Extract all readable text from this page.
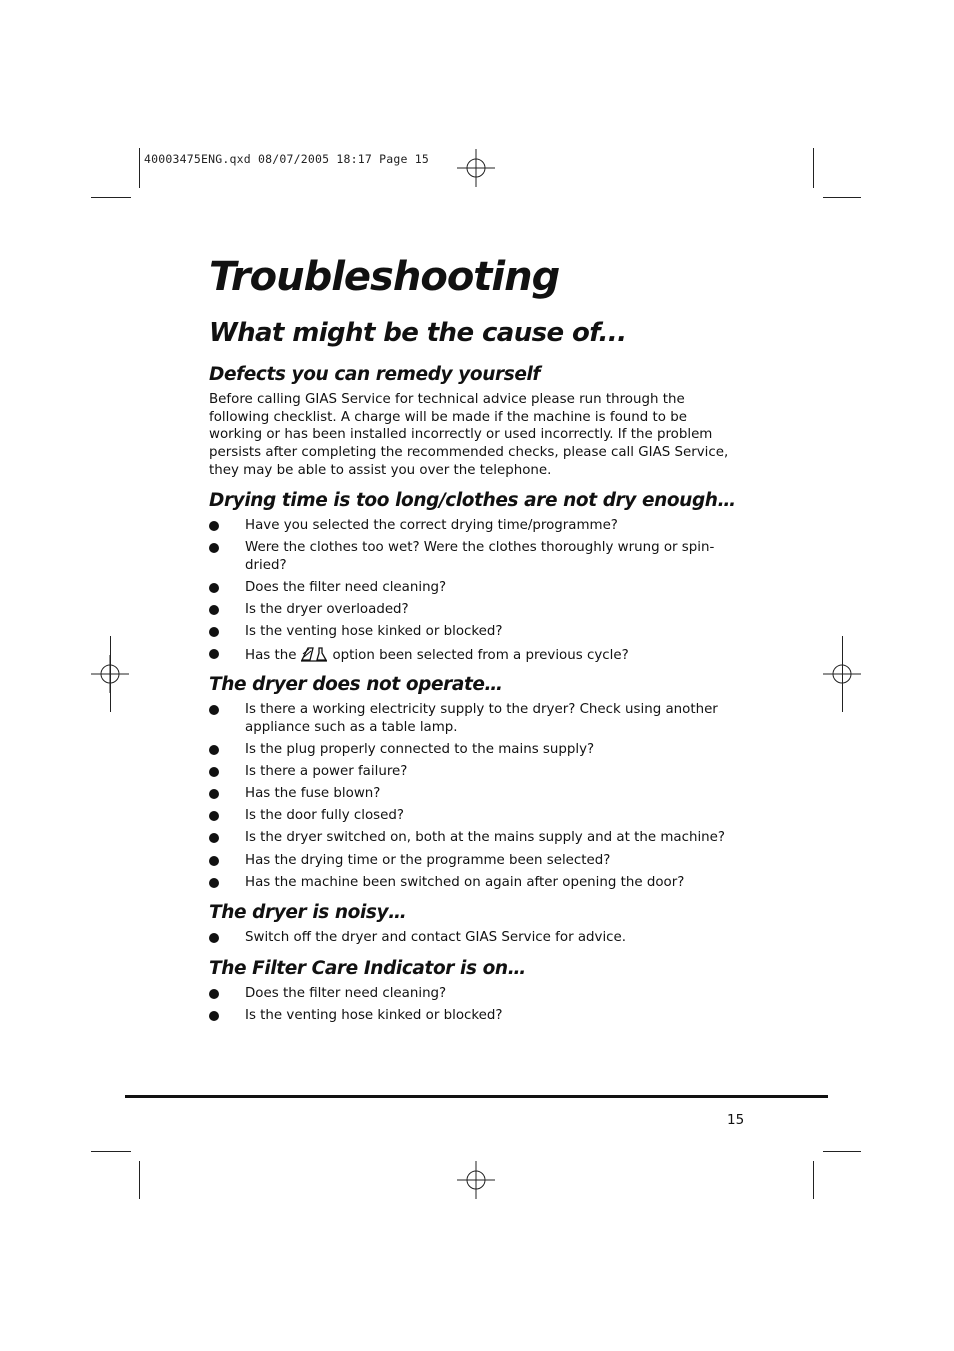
40003475ENG.qxd 08/07/2005 18:17 Page 15
Troubleshooting
What might be the cause of...
Defects you can remedy yourself

Before calling GIAS Service for technical advice please run through the following checklist. A charge will be made if the machine is found to be working or has been installed incorrectly or used incorrectly. If the problem persists after completing the recommended checks, please call GIAS Service, they may be able to assist you over the telephone.

Drying time is too long/clothes are not dry enough…
Have you selected the correct drying time/programme?
Were the clothes too wet? Were the clothes thoroughly wrung or spin-dried?
Does the filter need cleaning?
Is the dryer overloaded?
Is the venting hose kinked or blocked?
Has the	option been selected from a previous cycle?
The dryer does not operate…
Is there a working electricity supply to the dryer? Check using another appliance such as a table lamp.
Is the plug properly connected to the mains supply?
Is there a power failure?
Has the fuse blown?
Is the door fully closed?
Is the dryer switched on, both at the mains supply and at the machine?
Has the drying time or the programme been selected?
Has the machine been switched on again after opening the door?
The dryer is noisy…
Switch off the dryer and contact GIAS Service for advice.
The Filter Care Indicator is on…
Does the filter need cleaning?
Is the venting hose kinked or blocked?
15
